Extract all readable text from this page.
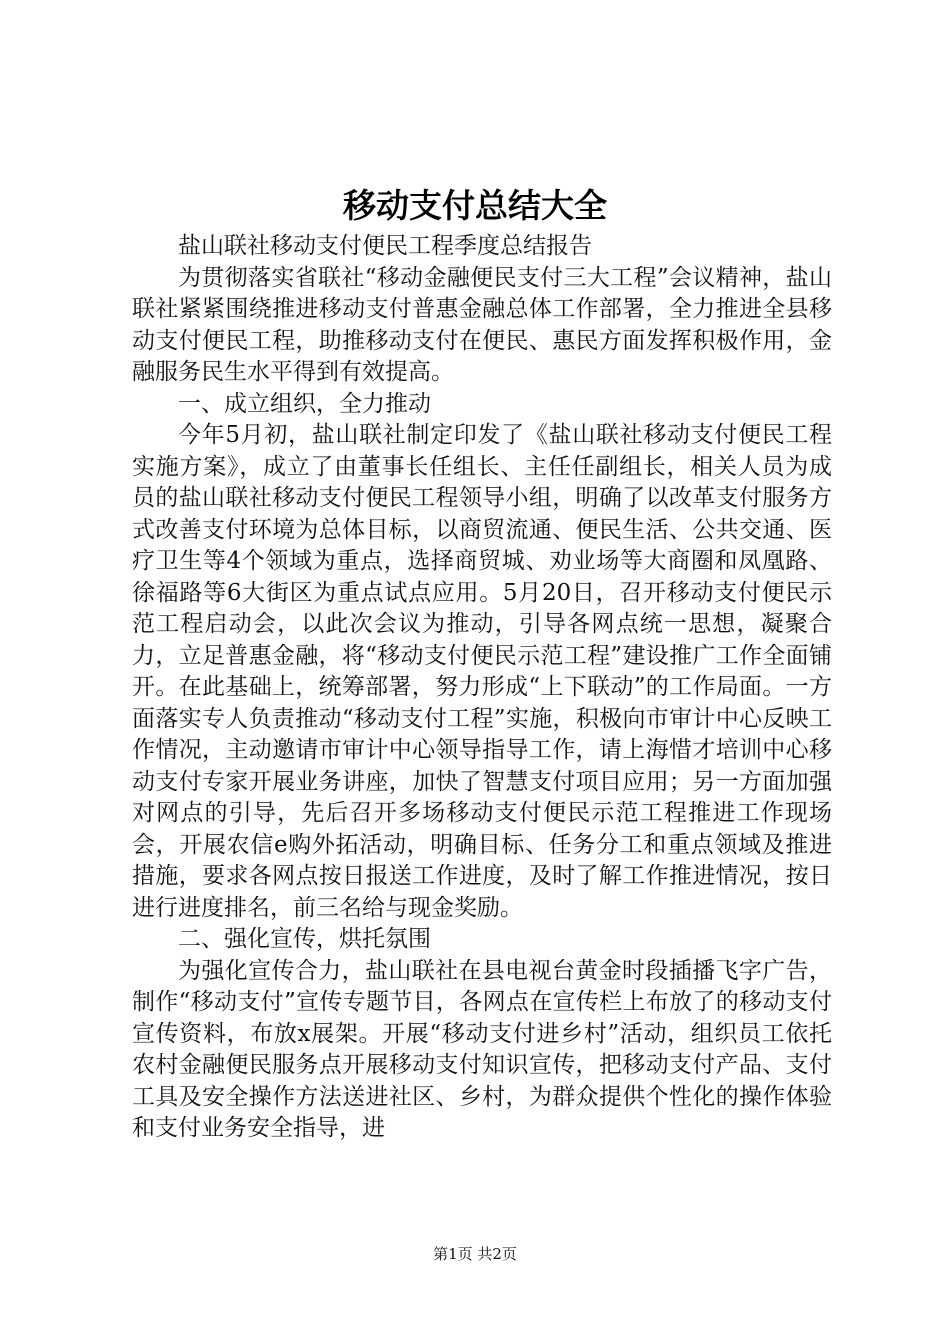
移动支付总结大全

盐山联社移动支付便民工程季度总结报告

为贯彻落实省联社“移动金融便民支付三大工程”会议精神，盐山联社紧紧围绕推进移动支付普惠金融总体工作部署，全力推进全县移动支付便民工程，助推移动支付在便民、惠民方面发挥积极作用，金融服务民生水平得到有效提高。

一、成立组织，全力推动

今年5月初，盐山联社制定印发了《盐山联社移动支付便民工程实施方案》，成立了由董事长任组长、主任任副组长，相关人员为成员的盐山联社移动支付便民工程领导小组，明确了以改革支付服务方式改善支付环境为总体目标，以商贸流通、便民生活、公共交通、医疗卫生等4个领域为重点，选择商贸城、劝业场等大商圈和凤凰路、徐福路等6大街区为重点试点应用。5月20日，召开移动支付便民示范工程启动会，以此次会议为推动，引导各网点统一思想，凝聚合力，立足普惠金融，将“移动支付便民示范工程”建设推广工作全面铺开。在此基础上，统筹部署，努力形成“上下联动”的工作局面。一方面落实专人负责推动“移动支付工程”实施，积极向市审计中心反映工作情况，主动邀请市审计中心领导指导工作，请上海惜才培训中心移动支付专家开展业务讲座，加快了智慧支付项目应用；另一方面加强对网点的引导，先后召开多场移动支付便民示范工程推进工作现场会，开展农信e购外拓活动，明确目标、任务分工和重点领域及推进措施，要求各网点按日报送工作进度，及时了解工作推进情况，按日进行进度排名，前三名给与现金奖励。

二、强化宣传，烘托氛围

为强化宣传合力，盐山联社在县电视台黄金时段插播飞字广告，制作“移动支付”宣传专题节目，各网点在宣传栏上布放了的移动支付宣传资料，布放x展架。开展“移动支付进乡村”活动，组织员工依托农村金融便民服务点开展移动支付知识宣传，把移动支付产品、支付工具及安全操作方法送进社区、乡村，为群众提供个性化的操作体验和支付业务安全指导，进

第1页 共2页
